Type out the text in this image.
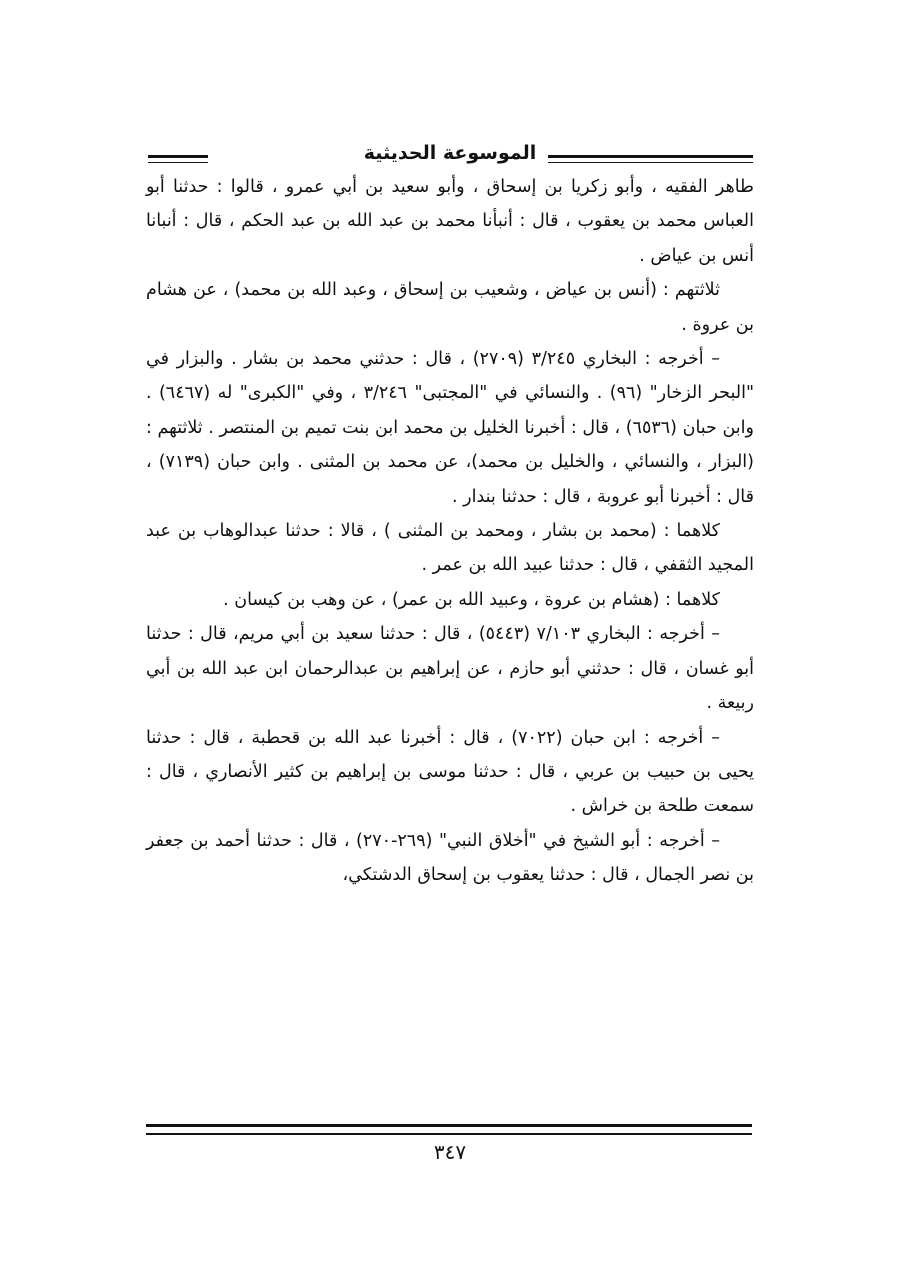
الموسوعة الحديثية

طاهر الفقيه ، وأبو زكريا بن إسحاق ، وأبو سعيد بن أبي عمرو ، قالوا : حدثنا أبو العباس محمد بن يعقوب ، قال : أنبأنا محمد بن عبد الله بن عبد الحكم ، قال : أنبانا أنس بن عياض .

ثلاثتهم : (أنس بن عياض ، وشعيب بن إسحاق ، وعبد الله بن محمد) ، عن هشام بن عروة .

– أخرجه : البخاري ٣/٢٤٥ (٢٧٠٩) ، قال : حدثني محمد بن بشار . والبزار في "البحر الزخار" (٩٦) . والنسائي في "المجتبى" ٣/٢٤٦ ، وفي "الكبرى" له (٦٤٦٧) . وابن حبان (٦٥٣٦) ، قال : أخبرنا الخليل بن محمد ابن بنت تميم بن المنتصر . ثلاثتهم : (البزار ، والنسائي ، والخليل بن محمد)، عن محمد بن المثنى . وابن حبان (٧١٣٩) ، قال : أخبرنا أبو عروبة ، قال : حدثنا بندار .

كلاهما : (محمد بن بشار ، ومحمد بن المثنى ) ، قالا : حدثنا عبدالوهاب بن عبد المجيد الثقفي ، قال : حدثنا عبيد الله بن عمر .

كلاهما : (هشام بن عروة ، وعبيد الله بن عمر) ، عن وهب بن كيسان .

– أخرجه : البخاري ٧/١٠٣ (٥٤٤٣) ، قال : حدثنا سعيد بن أبي مريم، قال : حدثنا أبو غسان ، قال : حدثني أبو حازم ، عن إبراهيم بن عبدالرحمان ابن عبد الله بن أبي ربيعة .

– أخرجه : ابن حبان (٧٠٢٢) ، قال : أخبرنا عبد الله بن قحطبة ، قال : حدثنا يحيى بن حبيب بن عربي ، قال : حدثنا موسى بن إبراهيم بن كثير الأنصاري ، قال : سمعت طلحة بن خراش .

– أخرجه : أبو الشيخ في "أخلاق النبي" (٢٦٩-٢٧٠) ، قال : حدثنا أحمد بن جعفر بن نصر الجمال ، قال : حدثنا يعقوب بن إسحاق الدشتكي،

٣٤٧
